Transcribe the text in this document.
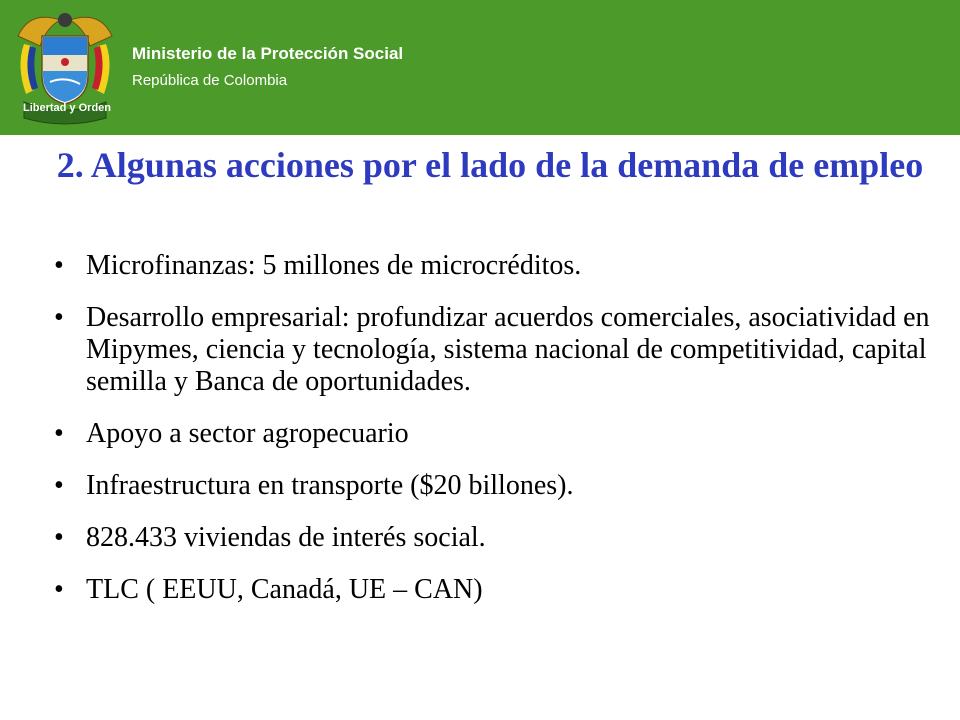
Libertad y Orden
Ministerio de la Protección Social
República de Colombia
2. Algunas acciones por el lado de la demanda de empleo
• Microfinanzas: 5 millones de microcréditos.
• Desarrollo empresarial: profundizar acuerdos comerciales, asociatividad en Mipymes, ciencia y tecnología, sistema nacional de competitividad, capital semilla y Banca de oportunidades.
• Apoyo a sector agropecuario
• Infraestructura en transporte ($20 billones).
• 828.433 viviendas de interés social.
• TLC ( EEUU, Canadá, UE – CAN)
